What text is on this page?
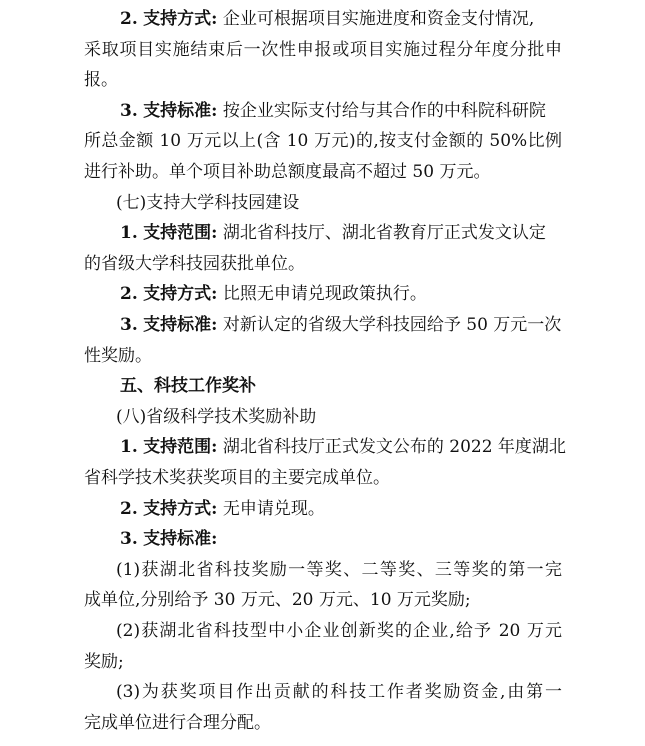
2. 支持方式: 企业可根据项目实施进度和资金支付情况,
采取项目实施结束后一次性申报或项目实施过程分年度分批申
报。
3. 支持标准: 按企业实际支付给与其合作的中科院科研院
所总金额 10 万元以上(含 10 万元)的,按支付金额的 50%比例
进行补助。单个项目补助总额度最高不超过 50 万元。
(七)支持大学科技园建设
1. 支持范围: 湖北省科技厅、湖北省教育厅正式发文认定
的省级大学科技园获批单位。
2. 支持方式: 比照无申请兑现政策执行。
3. 支持标准: 对新认定的省级大学科技园给予 50 万元一次
性奖励。
五、科技工作奖补
(八)省级科学技术奖励补助
1. 支持范围: 湖北省科技厅正式发文公布的 2022 年度湖北
省科学技术奖获奖项目的主要完成单位。
2. 支持方式: 无申请兑现。
3. 支持标准:
(1)获湖北省科技奖励一等奖、二等奖、三等奖的第一完
成单位,分别给予 30 万元、20 万元、10 万元奖励;
(2)获湖北省科技型中小企业创新奖的企业,给予 20 万元
奖励;
(3)为获奖项目作出贡献的科技工作者奖励资金,由第一
完成单位进行合理分配。
